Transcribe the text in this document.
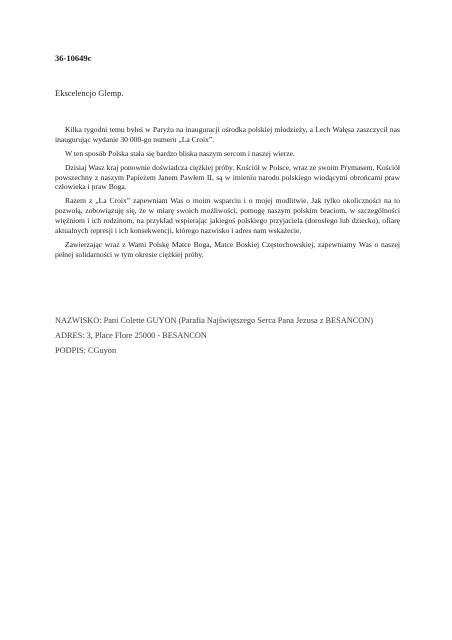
36-10649c
Ekscelencjo Glemp.

Kilka tygodni temu byłeś w Paryżu na inauguracji ośrodka polskiej młodzieży, a Lech Wałęsa zaszczycił nas inaugurując wydanie 30 000-go numeru „La Croix”.

W ten sposób Polska stała się bardzo bliska naszym sercom i naszej wierze.

Dzisiaj Wasz kraj ponownie doświadcza ciężkiej próby. Kościół w Polsce, wraz ze swoim Prymasem, Kościół powszechny z naszym Papieżem Janem Pawłem II, są w imieniu narodu polskiego wiodącymi obrońcami praw człowieka i praw Boga.

Razem z „La Croix” zapewniam Was o moim wsparciu i o mojej modlitwie. Jak tylko okoliczności na to pozwolą, zobowiązuję się, że w miarę swoich możliwości, pomogę naszym polskim braciom, w szczególności więźniom i ich rodzinom, na przykład wspierając jakiegoś polskiego przyjaciela (dorosłego lub dziecko), ofiarę aktualnych represji i ich konsekwencji, którego nazwisko i adres nam wskażecie.

Zawierzając wraz z Wami Polskę Matce Boga, Matce Boskiej Częstochowskiej, zapewniamy Was o naszej pełnej solidarności w tym okresie ciężkiej próby.

NAZWISKO: Pani Colette GUYON (Parafia Najświętszego Serca Pana Jezusa z BESANCON)
ADRES: 3, Place Flore 25000 - BESANCON
PODPIS: CGuyon
